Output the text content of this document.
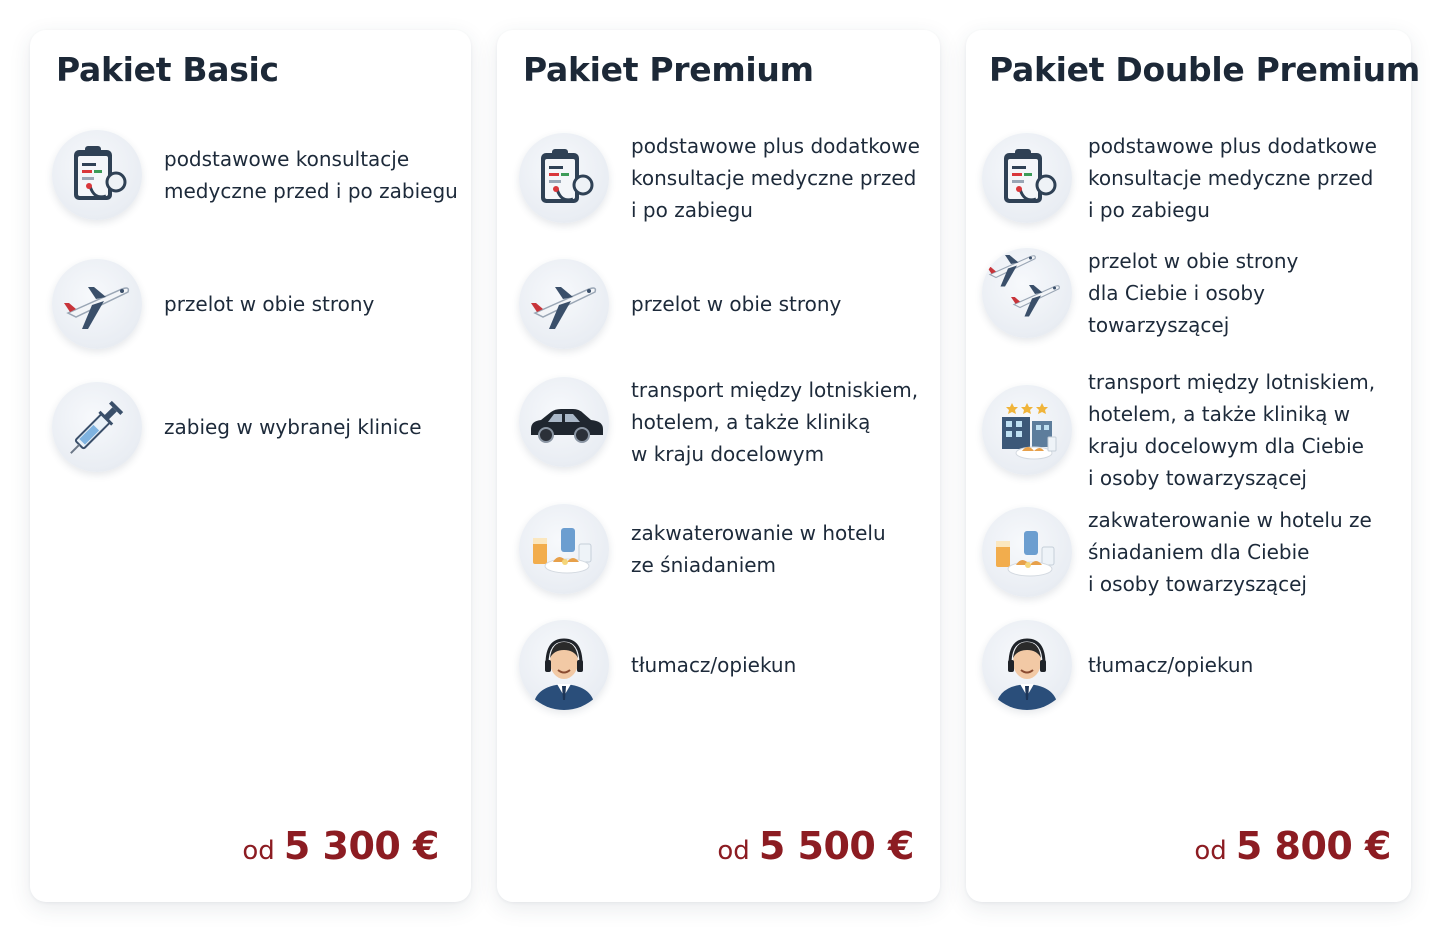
Pakiet Basic
podstawowe konsultacje
medyczne przed i po zabiegu
przelot w obie strony
zabieg w wybranej klinice
od 5 300 €
Pakiet Premium
podstawowe plus dodatkowe
konsultacje medyczne przed
i po zabiegu
przelot w obie strony
transport między lotniskiem,
hotelem, a także kliniką
w kraju docelowym
zakwaterowanie w hotelu
ze śniadaniem
tłumacz/opiekun
od 5 500 €
Pakiet Double Premium
podstawowe plus dodatkowe
konsultacje medyczne przed
i po zabiegu
przelot w obie strony
dla Ciebie i osoby towarzyszącej
transport między lotniskiem,
hotelem, a także kliniką w
kraju docelowym dla Ciebie
i osoby towarzyszącej
zakwaterowanie w hotelu ze
śniadaniem dla Ciebie
i osoby towarzyszącej
tłumacz/opiekun
od 5 800 €
